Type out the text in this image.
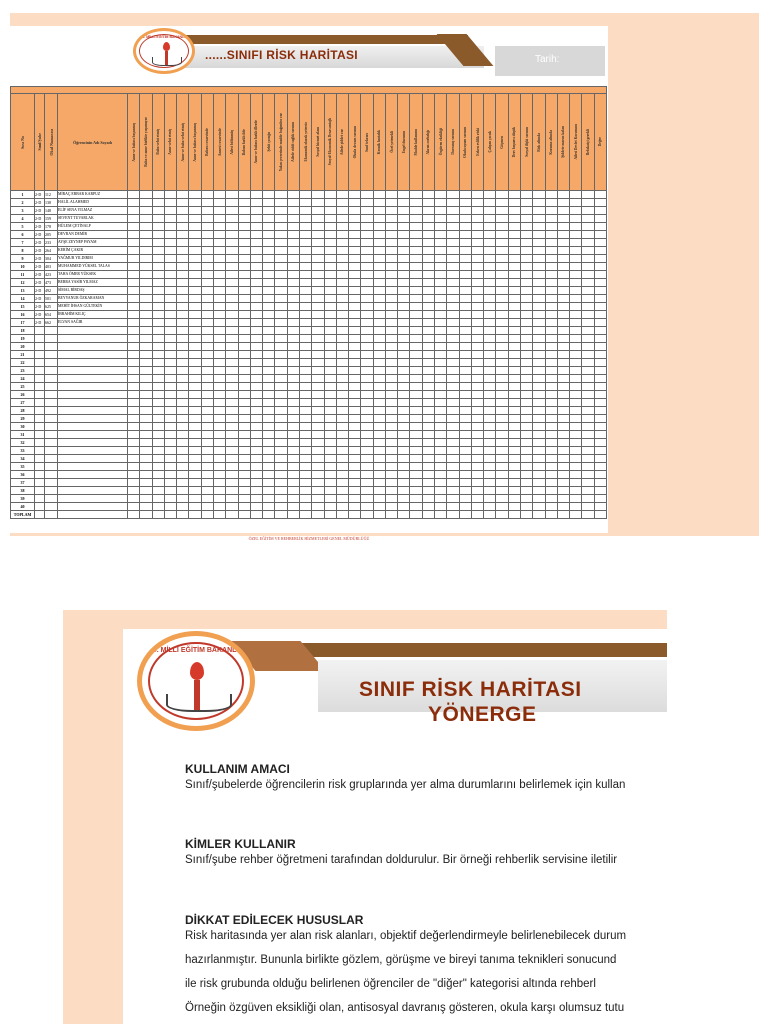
Tarih:
T.C. MİLLİ EĞİTİM BAKANLIĞI
......SINIFI RİSK HARİTASI

Sıra No	Sınıf/Şube	Okul Numarası	Öğrencinin Adı Soyadı	Anne ve babası boşanmış	Baba ve anne birlikte yaşamıyor	Baba vefat etmiş	Anne vefat etmiş	Anne ve baba vefat etmiş	Anne ve babası boşanmış	Babası cezaevinde	Annesi cezaevinde	Ailesi bölünmüş	Babası farklı ilde	Anne ve babası farklı illerde	Şehit çocuğu	Yakın çevresinde madde bağımlısı var	Ailede ciddi sağlık sorunu	Ekonomik olarak yetersiz	Sosyal hizmet alanı	Sosyal-Ekonomik Dezavantajlı	Ailede şiddet var	Okula devam sorunu	Sınıf tekrarı	Kronik hastalık	Özel yetenekli	Engel durumu	Madde kullanımı	Akran zorbalığı	Özgüven eksikliği	Davranış sorunu	Okula uyum sorunu	Erken evlilik riski	Çalışan çocuk	Göçmen	Ders başarısı düşük	Sosyal ilişki sorunu	Risk altında	Koruma altında	Şiddete maruz kalan	Ailesi Devlet Koruması	Refakatçi gerekli	Değer

1	2-D	112	MİRAÇ ERBAR KARPUZ																																							
2	2-D	138	HALİL ALAHMED																																							
3	2-D	148	ELİF SENA YILMAZ																																							
4	2-D	159	SEVENT TUVARLAK																																							
5	2-D	178	HÜLEM ÇETİNALP																																							
6	2-D	205	DEVRAN DEMİR																																							
7	2-D	233	AYŞE ZEYNEP PAYAM																																							
8	2-D	264	KERİM ÇAKIR																																							
9	2-D	304	YAĞMUR YILDIRIM																																							
10	2-D	403	MUHAMMED YÜKSEL TALAS																																							
11	2-D	423	TAHA ÖMER YÜKSEK																																							
12	2-D	473	BERRA YASİR YILMAZ																																							
13	2-D	492	SİMAL BİRDAŞ																																							
14	2-D	501	BEYYANUR ÖZKARAMAN																																							
15	2-D	625	MEHİT İHSAN GÜLTEKİN																																							
16	2-D	654	İBRAHİM KILIÇ																																							
17	2-D	662	ELVAN SAĞIR																																							
18																																										
19																																										
20																																										
21																																										
22																																										
23																																										
24																																										
25																																										
26																																										
27																																										
28																																										
29																																										
30																																										
31																																										
32																																										
33																																										
34																																										
35																																										
36																																										
37																																										
38																																										
39																																										
40																																										
TOPLAM																																										
ÖZEL EĞİTİM VE REHBERLİK HİZMETLERİ GENEL MÜDÜRLÜĞÜ
T.C. MİLLİ EĞİTİM BAKANLIĞI
SINIF RİSK HARİTASI
YÖNERGE
KULLANIM AMACI
Sınıf/şubelerde öğrencilerin risk gruplarında yer alma durumlarını belirlemek için kullan
KİMLER KULLANIR
Sınıf/şube rehber öğretmeni tarafından doldurulur. Bir örneği rehberlik servisine iletilir
DİKKAT EDİLECEK HUSUSLAR
Risk haritasında yer alan risk alanları, objektif değerlendirmeyle belirlenebilecek durum
hazırlanmıştır. Bununla birlikte gözlem, görüşme ve bireyi tanıma teknikleri sonucund
ile risk grubunda olduğu belirlenen öğrenciler de "diğer" kategorisi altında rehberl
Örneğin özgüven eksikliği olan, antisosyal davranış gösteren, okula karşı olumsuz tutu
